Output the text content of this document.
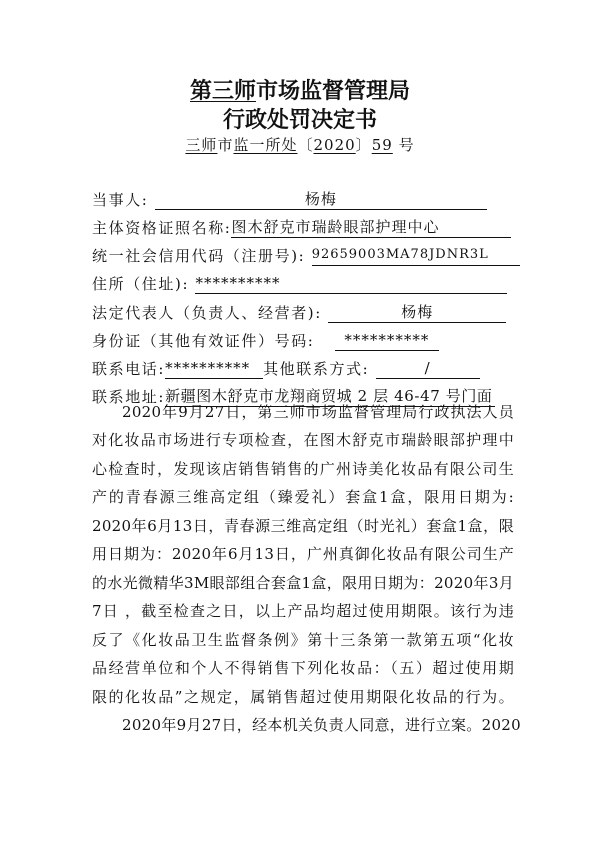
第三师市场监督管理局
行政处罚决定书
三师市监一所处〔2020〕59 号
当事人:	杨梅
主体资格证照名称:图木舒克市瑞龄眼部护理中心
统一社会信用代码（注册号): 92659003MA78JDNR3L
住所（住址): **********
法定代表人（负责人、经营者):	杨梅
身份证（其他有效证件）号码: **********
联系电话:********** 其他联系方式:	/
联系地址:新疆图木舒克市龙翔商贸城 2 层 46-47 号门面
2020年9月27日，第三师市场监督管理局行政执法人员
对化妆品市场进行专项检查，在图木舒克市瑞龄眼部护理中
心检查时，发现该店销售销售的广州诗美化妆品有限公司生
产的青春源三维高定组（臻爱礼）套盒1盒，限用日期为:
2020年6月13日，青春源三维高定组（时光礼）套盒1盒，限
用日期为：2020年6月13日，广州真御化妆品有限公司生产
的水光微精华3M眼部组合套盒1盒，限用日期为：2020年3月
7日 ，截至检查之日，以上产品均超过使用期限。该行为违
反了《化妆品卫生监督条例》第十三条第一款第五项“化妆
品经营单位和个人不得销售下列化妆品：（五）超过使用期
限的化妆品”之规定，属销售超过使用期限化妆品的行为。
2020年9月27日，经本机关负责人同意，进行立案。2020
